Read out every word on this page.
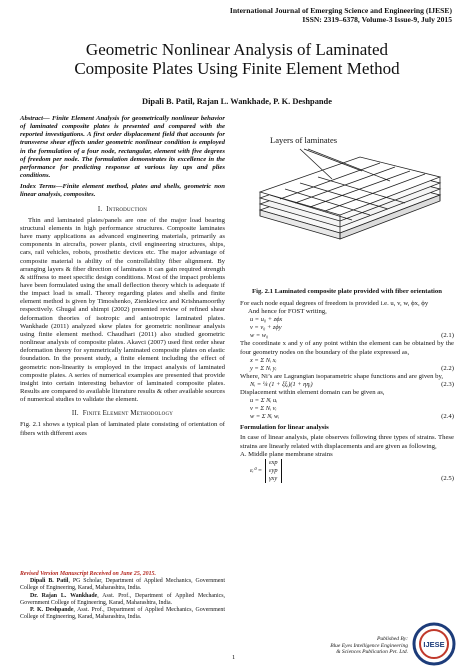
International Journal of Emerging Science and Engineering (IJESE)
ISSN: 2319–6378, Volume-3 Issue-9, July 2015
Geometric Nonlinear Analysis of Laminated
Composite Plates Using Finite Element Method
Dipali B. Patil, Rajan L. Wankhade, P. K. Deshpande

Abstract— Finite Element Analysis for geometrically nonlinear behavior of laminated composite plates is presented and compared with the reported investigations. A first order displacement field that accounts for transverse shear effects under geometric nonlinear condition is employed in the formulation of a four node, rectangular, element with five degrees of freedom per node. The formulation demonstrates its excellence in the performance for predicting response at various lay ups and plies conditions.

Index Terms—Finite element method, plates and shells, geometric non linear analysis, composites.

I. Introduction

Thin and laminated plates/panels are one of the major load bearing structural elements in high performance structures. Composite laminates have many applications as advanced engineering materials, primarily as components in aircrafts, power plants, civil engineering structures, ships, cars, rail vehicles, robots, prosthetic devices etc. The major advantage of composite material is ability of the controllability fiber alignment. By arranging layers & fiber direction of laminates it can gain required strength & stiffness to meet specific design conditions. Most of the impact problems have been formulated using the small deflection theory which is adequate if the impact load is small. Theory regarding plates and shells and finite element method is given by Timoshenko, Zienkiewicz and Krishnamoorthy respectively. Ghugal and shimpi (2002) presented review of refined shear deformation theories of isotropic and anisotropic laminated plates. Wankhade (2011) analyzed skew plates for geometric nonlinear analysis using finite element method. Chaudhari (2011) also studied geometric nonlinear analysis of composite plates. Akavci (2007) used first order shear deformation theory for symmetrically laminated composite plates on elastic foundation. In the present study, a finite element including the effect of geometric non-linearity is employed in the impact analysis of laminated composite plates. A series of numerical examples are presented that provide insight into certain interesting behavior of laminated composite plates. Results are compared to available literature results & other available sources of numerical studies to validate the element.

II. Finite Element Methodology

Fig. 2.1 shows a typical plan of laminated plate consisting of orientation of fibers with different axes

Revised Version Manuscript Received on June 25, 2015.

Dipali B. Patil, PG Scholar, Department of Applied Mechanics, Government College of Engineering, Karad, Maharashtra, India.

Dr. Rajan L. Wankhade, Asst. Prof., Department of Applied Mechanics, Government College of Engineering, Karad, Maharashtra, India.

P. K. Deshpande, Asst. Prof., Department of Applied Mechanics, Government College of Engineering, Karad, Maharashtra, India.

1
Layers of laminates
Fig. 2.1 Laminated composite plate provided with fiber orientation

For each node equal degrees of freedom is provided i.e. u, v, w, ϕx, ϕy

And hence for FOST writing,

u = u₀ + zϕx
v = v₀ + zϕy
w = w₀	(2.1)

The coordinate x and y of any point within the element can be obtained by the four geometry nodes on the boundary of the plate expressed as,

x = Σ Nᵢ xᵢ
y = Σ Nᵢ yᵢ	(2.2)

Where, Ni’s are Lagrangian isoparametric shape functions and are given by,

Nᵢ = ¼ (1 + ξξᵢ)(1 + ηηᵢ)	(2.3)

Displacement within element domain can be given as,

u = Σ Nᵢ uᵢ
v = Σ Nᵢ vᵢ
w = Σ Nᵢ wᵢ	(2.4)
Formulation for linear analysis

In case of linear analysis, plate observes following three types of strains. These strains are linearly related with displacements and are given as following,

A. Middle plane membrane strains

εᵢ⁰ =
εxp
εyp
γxy	(2.5)
Published By:
Blue Eyes Intelligence Engineering
& Sciences Publication Pvt. Ltd.
IJESE
